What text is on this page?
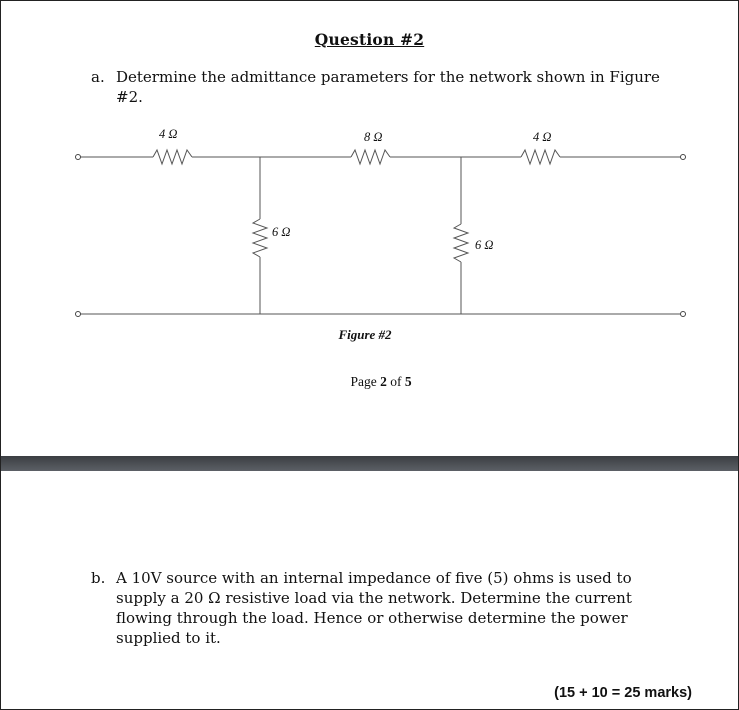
Question #2
a. Determine the admittance parameters for the network shown in Figure #2.
4 Ω	8 Ω	4 Ω
6 Ω
6 Ω
Figure #2
Page 2 of 5
b. A 10V source with an internal impedance of five (5) ohms is used to supply a 20 Ω resistive load via the network. Determine the current flowing through the load. Hence or otherwise determine the power supplied to it.
(15 + 10 = 25 marks)
